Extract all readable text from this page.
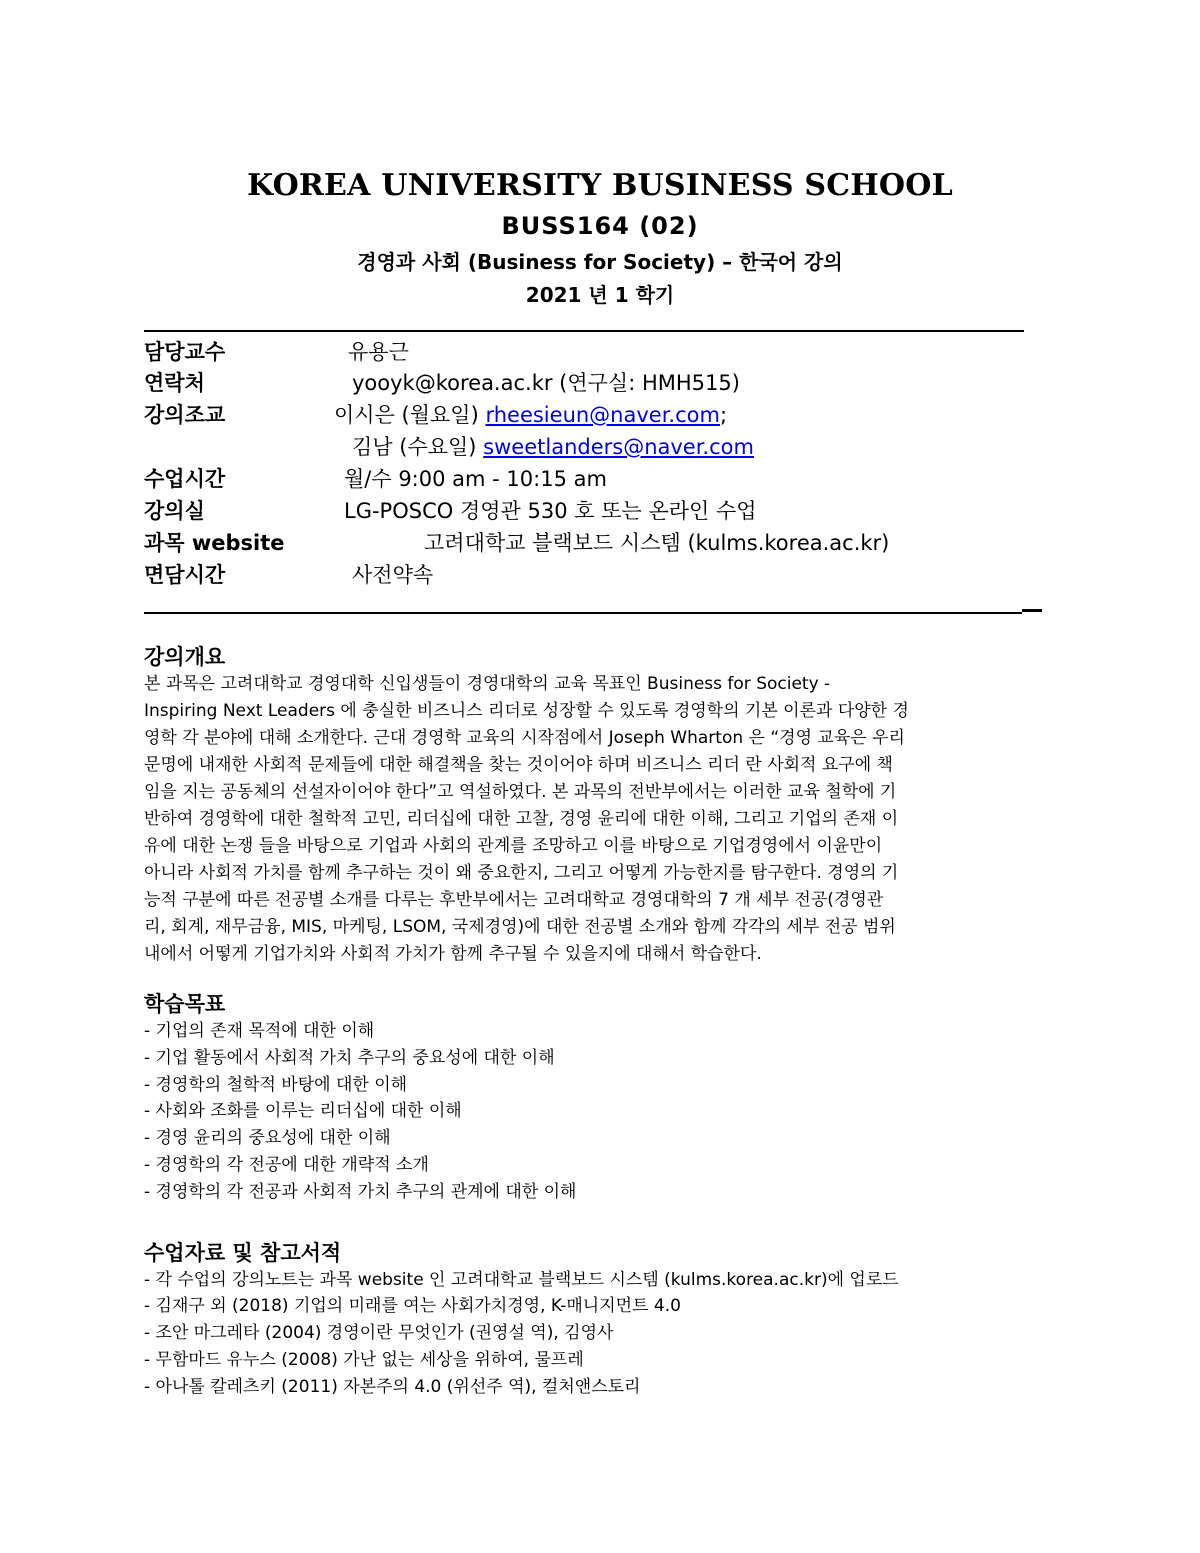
KOREA UNIVERSITY BUSINESS SCHOOL
BUSS164 (02)
경영과 사회 (Business for Society) – 한국어 강의
2021 년 1 학기
담당교수	유용근
연락처	yooyk@korea.ac.kr (연구실: HMH515)
강의조교	이시은 (월요일) rheesieun@naver.com;
김남 (수요일) sweetlanders@naver.com
수업시간	월/수 9:00 am - 10:15 am
강의실	LG-POSCO 경영관 530 호 또는 온라인 수업
과목 website	고려대학교 블랙보드 시스템 (kulms.korea.ac.kr)
면담시간	사전약속
강의개요
본 과목은 고려대학교 경영대학 신입생들이 경영대학의 교육 목표인 Business for Society -
Inspiring Next Leaders 에 충실한 비즈니스 리더로 성장할 수 있도록 경영학의 기본 이론과 다양한 경
영학 각 분야에 대해 소개한다. 근대 경영학 교육의 시작점에서 Joseph Wharton 은 “경영 교육은 우리
문명에 내재한 사회적 문제들에 대한 해결책을 찾는 것이어야 하며 비즈니스 리더 란 사회적 요구에 책
임을 지는 공동체의 선설자이어야 한다”고 역설하였다. 본 과목의 전반부에서는 이러한 교육 철학에 기
반하여 경영학에 대한 철학적 고민, 리더십에 대한 고찰, 경영 윤리에 대한 이해, 그리고 기업의 존재 이
유에 대한 논쟁 들을 바탕으로 기업과 사회의 관계를 조망하고 이를 바탕으로 기업경영에서 이윤만이
아니라 사회적 가치를 함께 추구하는 것이 왜 중요한지, 그리고 어떻게 가능한지를 탐구한다. 경영의 기
능적 구분에 따른 전공별 소개를 다루는 후반부에서는 고려대학교 경영대학의 7 개 세부 전공(경영관
리, 회계, 재무금융, MIS, 마케팅, LSOM, 국제경영)에 대한 전공별 소개와 함께 각각의 세부 전공 범위
내에서 어떻게 기업가치와 사회적 가치가 함께 추구될 수 있을지에 대해서 학습한다.
학습목표
- 기업의 존재 목적에 대한 이해
- 기업 활동에서 사회적 가치 추구의 중요성에 대한 이해
- 경영학의 철학적 바탕에 대한 이해
- 사회와 조화를 이루는 리더십에 대한 이해
- 경영 윤리의 중요성에 대한 이해
- 경영학의 각 전공에 대한 개략적 소개
- 경영학의 각 전공과 사회적 가치 추구의 관계에 대한 이해
수업자료 및 참고서적
- 각 수업의 강의노트는 과목 website 인 고려대학교 블랙보드 시스템 (kulms.korea.ac.kr)에 업로드
- 김재구 외 (2018) 기업의 미래를 여는 사회가치경영, K-매니지먼트 4.0
- 조안 마그레타 (2004) 경영이란 무엇인가 (권영설 역), 김영사
- 무함마드 유누스 (2008) 가난 없는 세상을 위하여, 물프레
- 아나톨 칼레츠키 (2011) 자본주의 4.0 (위선주 역), 컬처앤스토리
